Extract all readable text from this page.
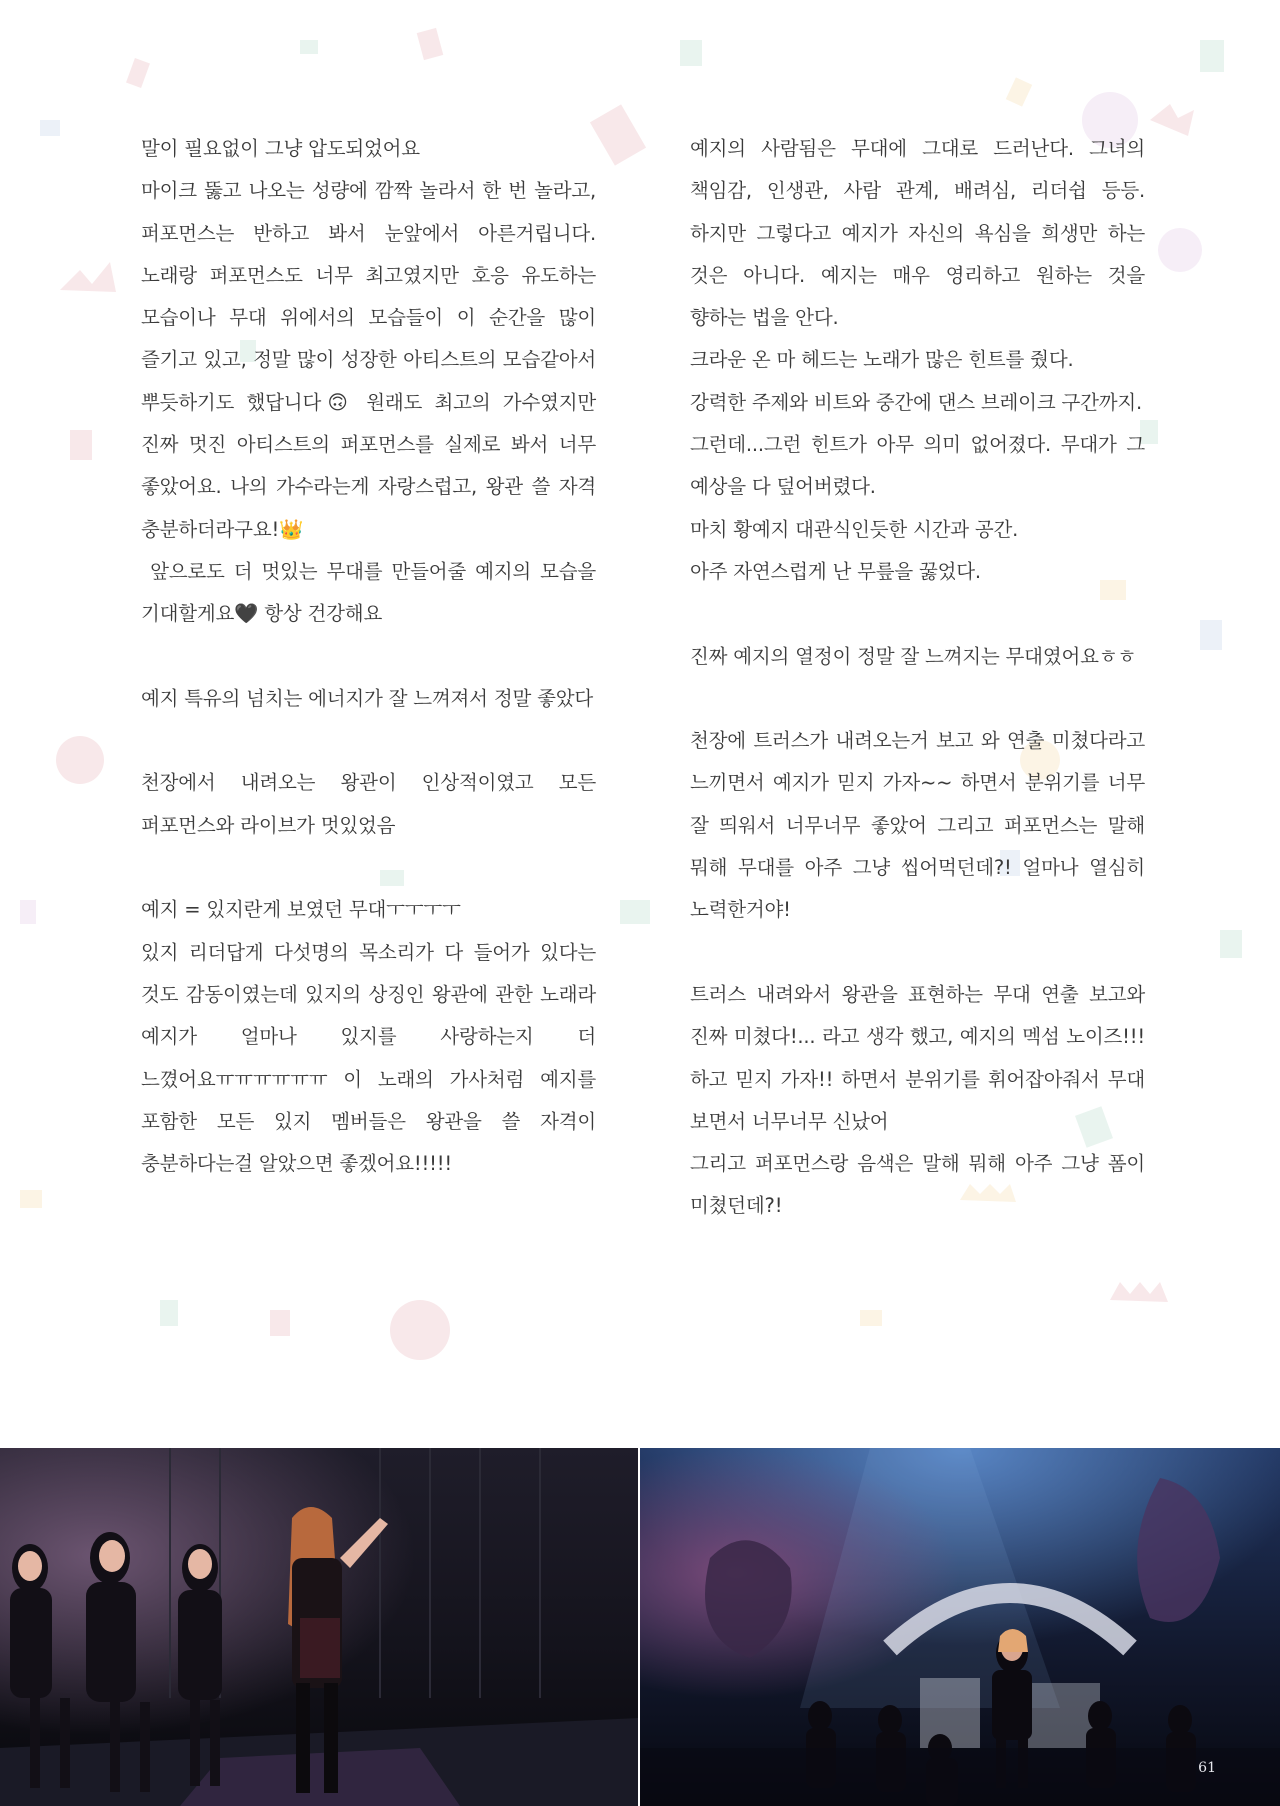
말이 필요없이 그냥 압도되었어요
마이크 뚫고 나오는 성량에 깜짝 놀라서 한 번 놀라고, 퍼포먼스는 반하고 봐서 눈앞에서 아른거립니다. 노래랑 퍼포먼스도 너무 최고였지만 호응 유도하는 모습이나 무대 위에서의 모습들이 이 순간을 많이 즐기고 있고, 정말 많이 성장한 아티스트의 모습같아서 뿌듯하기도 했답니다🙃 원래도 최고의 가수였지만 진짜 멋진 아티스트의 퍼포먼스를 실제로 봐서 너무 좋았어요. 나의 가수라는게 자랑스럽고, 왕관 쓸 자격 충분하더라구요!👑
앞으로도 더 멋있는 무대를 만들어줄 예지의 모습을 기대할게요🖤 항상 건강해요

예지 특유의 넘치는 에너지가 잘 느껴져서 정말 좋았다

천장에서 내려오는 왕관이 인상적이였고 모든 퍼포먼스와 라이브가 멋있었음

예지 = 있지란게 보였던 무대ㅜㅜㅜㅜ
있지 리더답게 다섯명의 목소리가 다 들어가 있다는 것도 감동이였는데 있지의 상징인 왕관에 관한 노래라 예지가 얼마나 있지를 사랑하는지 더 느꼈어요ㅠㅠㅠㅠㅠㅠ 이 노래의 가사처럼 예지를 포함한 모든 있지 멤버들은 왕관을 쓸 자격이 충분하다는걸 알았으면 좋겠어요!!!!!

예지의 사람됨은 무대에 그대로 드러난다. 그녀의 책임감, 인생관, 사람 관계, 배려심, 리더쉽 등등. 하지만 그렇다고 예지가 자신의 욕심을 희생만 하는 것은 아니다. 예지는 매우 영리하고 원하는 것을 향하는 법을 안다.
크라운 온 마 헤드는 노래가 많은 힌트를 줬다.
강력한 주제와 비트와 중간에 댄스 브레이크 구간까지.
그런데...그런 힌트가 아무 의미 없어졌다. 무대가 그 예상을 다 덮어버렸다.
마치 황예지 대관식인듯한 시간과 공간.
아주 자연스럽게 난 무릎을 꿇었다.

진짜 예지의 열정이 정말 잘 느껴지는 무대였어요ㅎㅎ

천장에 트러스가 내려오는거 보고 와 연출 미쳤다라고 느끼면서 예지가 믿지 가자~~ 하면서 분위기를 너무 잘 띄워서 너무너무 좋았어 그리고 퍼포먼스는 말해 뭐해 무대를 아주 그냥 씹어먹던데?! 얼마나 열심히 노력한거야!

트러스 내려와서 왕관을 표현하는 무대 연출 보고와 진짜 미쳤다!... 라고 생각 했고, 예지의 멕섬 노이즈!!! 하고 믿지 가자!! 하면서 분위기를 휘어잡아줘서 무대 보면서 너무너무 신났어
그리고 퍼포먼스랑 음색은 말해 뭐해 아주 그냥 폼이 미쳤던데?!

61
